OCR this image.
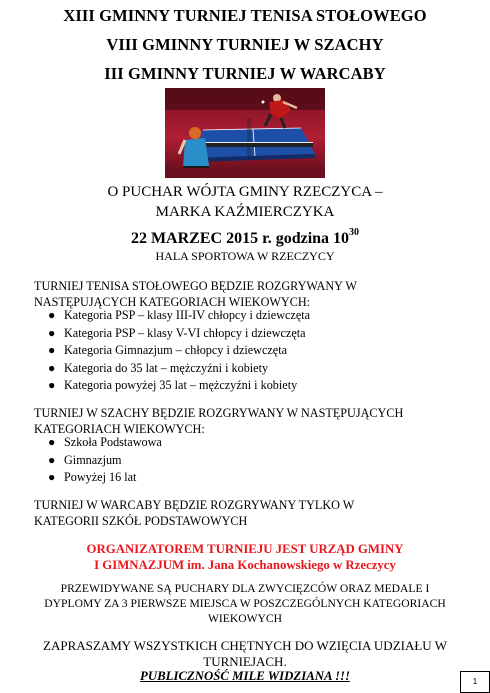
XIII GMINNY TURNIEJ TENISA STOŁOWEGO
VIII GMINNY TURNIEJ W SZACHY
III GMINNY TURNIEJ W WARCABY
O PUCHAR WÓJTA GMINY RZECZYCA –
MARKA KAŹMIERCZYKA
22 MARZEC 2015 r. godzina $10^{30}$
HALA SPORTOWA W RZECZYCY
TURNIEJ TENISA STOŁOWEGO BĘDZIE ROZGRYWANY W
NASTĘPUJĄCYCH KATEGORIACH WIEKOWYCH:
● Kategoria PSP – klasy III-IV chłopcy i dziewczęta
● Kategoria PSP – klasy V-VI chłopcy i dziewczęta
● Kategoria Gimnazjum – chłopcy i dziewczęta
● Kategoria do 35 lat – mężczyźni i kobiety
● Kategoria powyżej 35 lat – mężczyźni i kobiety
TURNIEJ W SZACHY BĘDZIE ROZGRYWANY W NASTĘPUJĄCYCH
KATEGORIACH WIEKOWYCH:
● Szkoła Podstawowa
● Gimnazjum
● Powyżej 16 lat
TURNIEJ W WARCABY BĘDZIE ROZGRYWANY TYLKO W
KATEGORII SZKÓŁ PODSTAWOWYCH
ORGANIZATOREM TURNIEJU JEST URZĄD GMINY
I GIMNAZJUM im. Jana Kochanowskiego w Rzeczycy
PRZEWIDYWANE SĄ PUCHARY DLA ZWYCIĘZCÓW ORAZ MEDALE I
DYPLOMY ZA 3 PIERWSZE MIEJSCA W POSZCZEGÓLNYCH KATEGORIACH
WIEKOWYCH
ZAPRASZAMY WSZYSTKICH CHĘTNYCH DO WZIĘCIA UDZIAŁU W
TURNIEJACH.
PUBLICZNOŚĆ MILE WIDZIANA !!!	1
